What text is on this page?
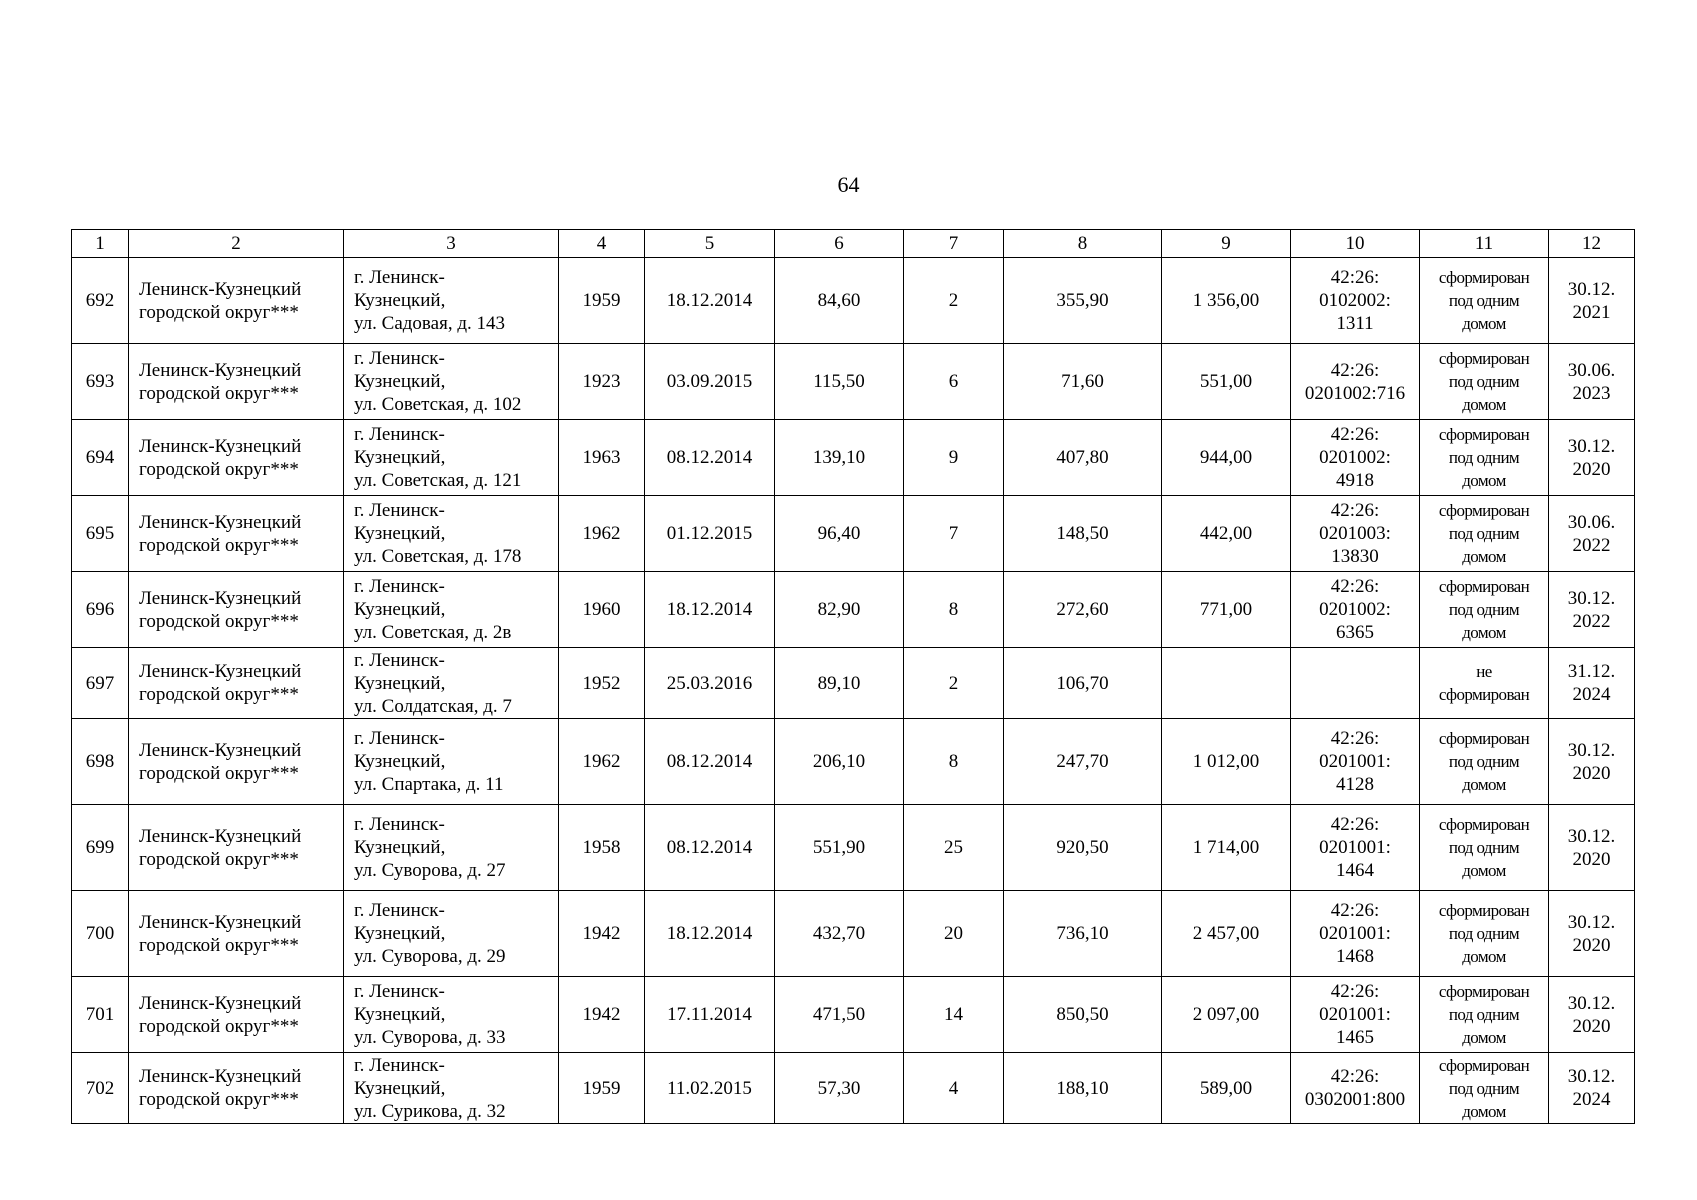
64
1	2	3	4	5	6	7	8	9	10	11	12
692	Ленинск-Кузнецкий
городской округ***	г. Ленинск-
Кузнецкий,
ул. Садовая, д. 143	1959	18.12.2014	84,60	2	355,90	1 356,00	42:26:
0102002:
1311	сформирован
под одним
домом	30.12.
2021

693	Ленинск-Кузнецкий
городской округ***	г. Ленинск-
Кузнецкий,
ул. Советская, д. 102	1923	03.09.2015	115,50	6	71,60	551,00	42:26:
0201002:716	сформирован
под одним
домом	30.06.
2023

694	Ленинск-Кузнецкий
городской округ***	г. Ленинск-
Кузнецкий,
ул. Советская, д. 121	1963	08.12.2014	139,10	9	407,80	944,00	42:26:
0201002:
4918	сформирован
под одним
домом	30.12.
2020

695	Ленинск-Кузнецкий
городской округ***	г. Ленинск-
Кузнецкий,
ул. Советская, д. 178	1962	01.12.2015	96,40	7	148,50	442,00	42:26:
0201003:
13830	сформирован
под одним
домом	30.06.
2022

696	Ленинск-Кузнецкий
городской округ***	г. Ленинск-
Кузнецкий,
ул. Советская, д. 2в	1960	18.12.2014	82,90	8	272,60	771,00	42:26:
0201002:
6365	сформирован
под одним
домом	30.12.
2022

697	Ленинск-Кузнецкий
городской округ***	г. Ленинск-
Кузнецкий,
ул. Солдатская, д. 7	1952	25.03.2016	89,10	2	106,70			не
сформирован	31.12.
2024

698	Ленинск-Кузнецкий
городской округ***	г. Ленинск-
Кузнецкий,
ул. Спартака, д. 11	1962	08.12.2014	206,10	8	247,70	1 012,00	42:26:
0201001:
4128	сформирован
под одним
домом	30.12.
2020

699	Ленинск-Кузнецкий
городской округ***	г. Ленинск-
Кузнецкий,
ул. Суворова, д. 27	1958	08.12.2014	551,90	25	920,50	1 714,00	42:26:
0201001:
1464	сформирован
под одним
домом	30.12.
2020

700	Ленинск-Кузнецкий
городской округ***	г. Ленинск-
Кузнецкий,
ул. Суворова, д. 29	1942	18.12.2014	432,70	20	736,10	2 457,00	42:26:
0201001:
1468	сформирован
под одним
домом	30.12.
2020

701	Ленинск-Кузнецкий
городской округ***	г. Ленинск-
Кузнецкий,
ул. Суворова, д. 33	1942	17.11.2014	471,50	14	850,50	2 097,00	42:26:
0201001:
1465	сформирован
под одним
домом	30.12.
2020

702	Ленинск-Кузнецкий
городской округ***	г. Ленинск-
Кузнецкий,
ул. Сурикова, д. 32	1959	11.02.2015	57,30	4	188,10	589,00	42:26:
0302001:800	сформирован
под одним
домом	30.12.
2024
